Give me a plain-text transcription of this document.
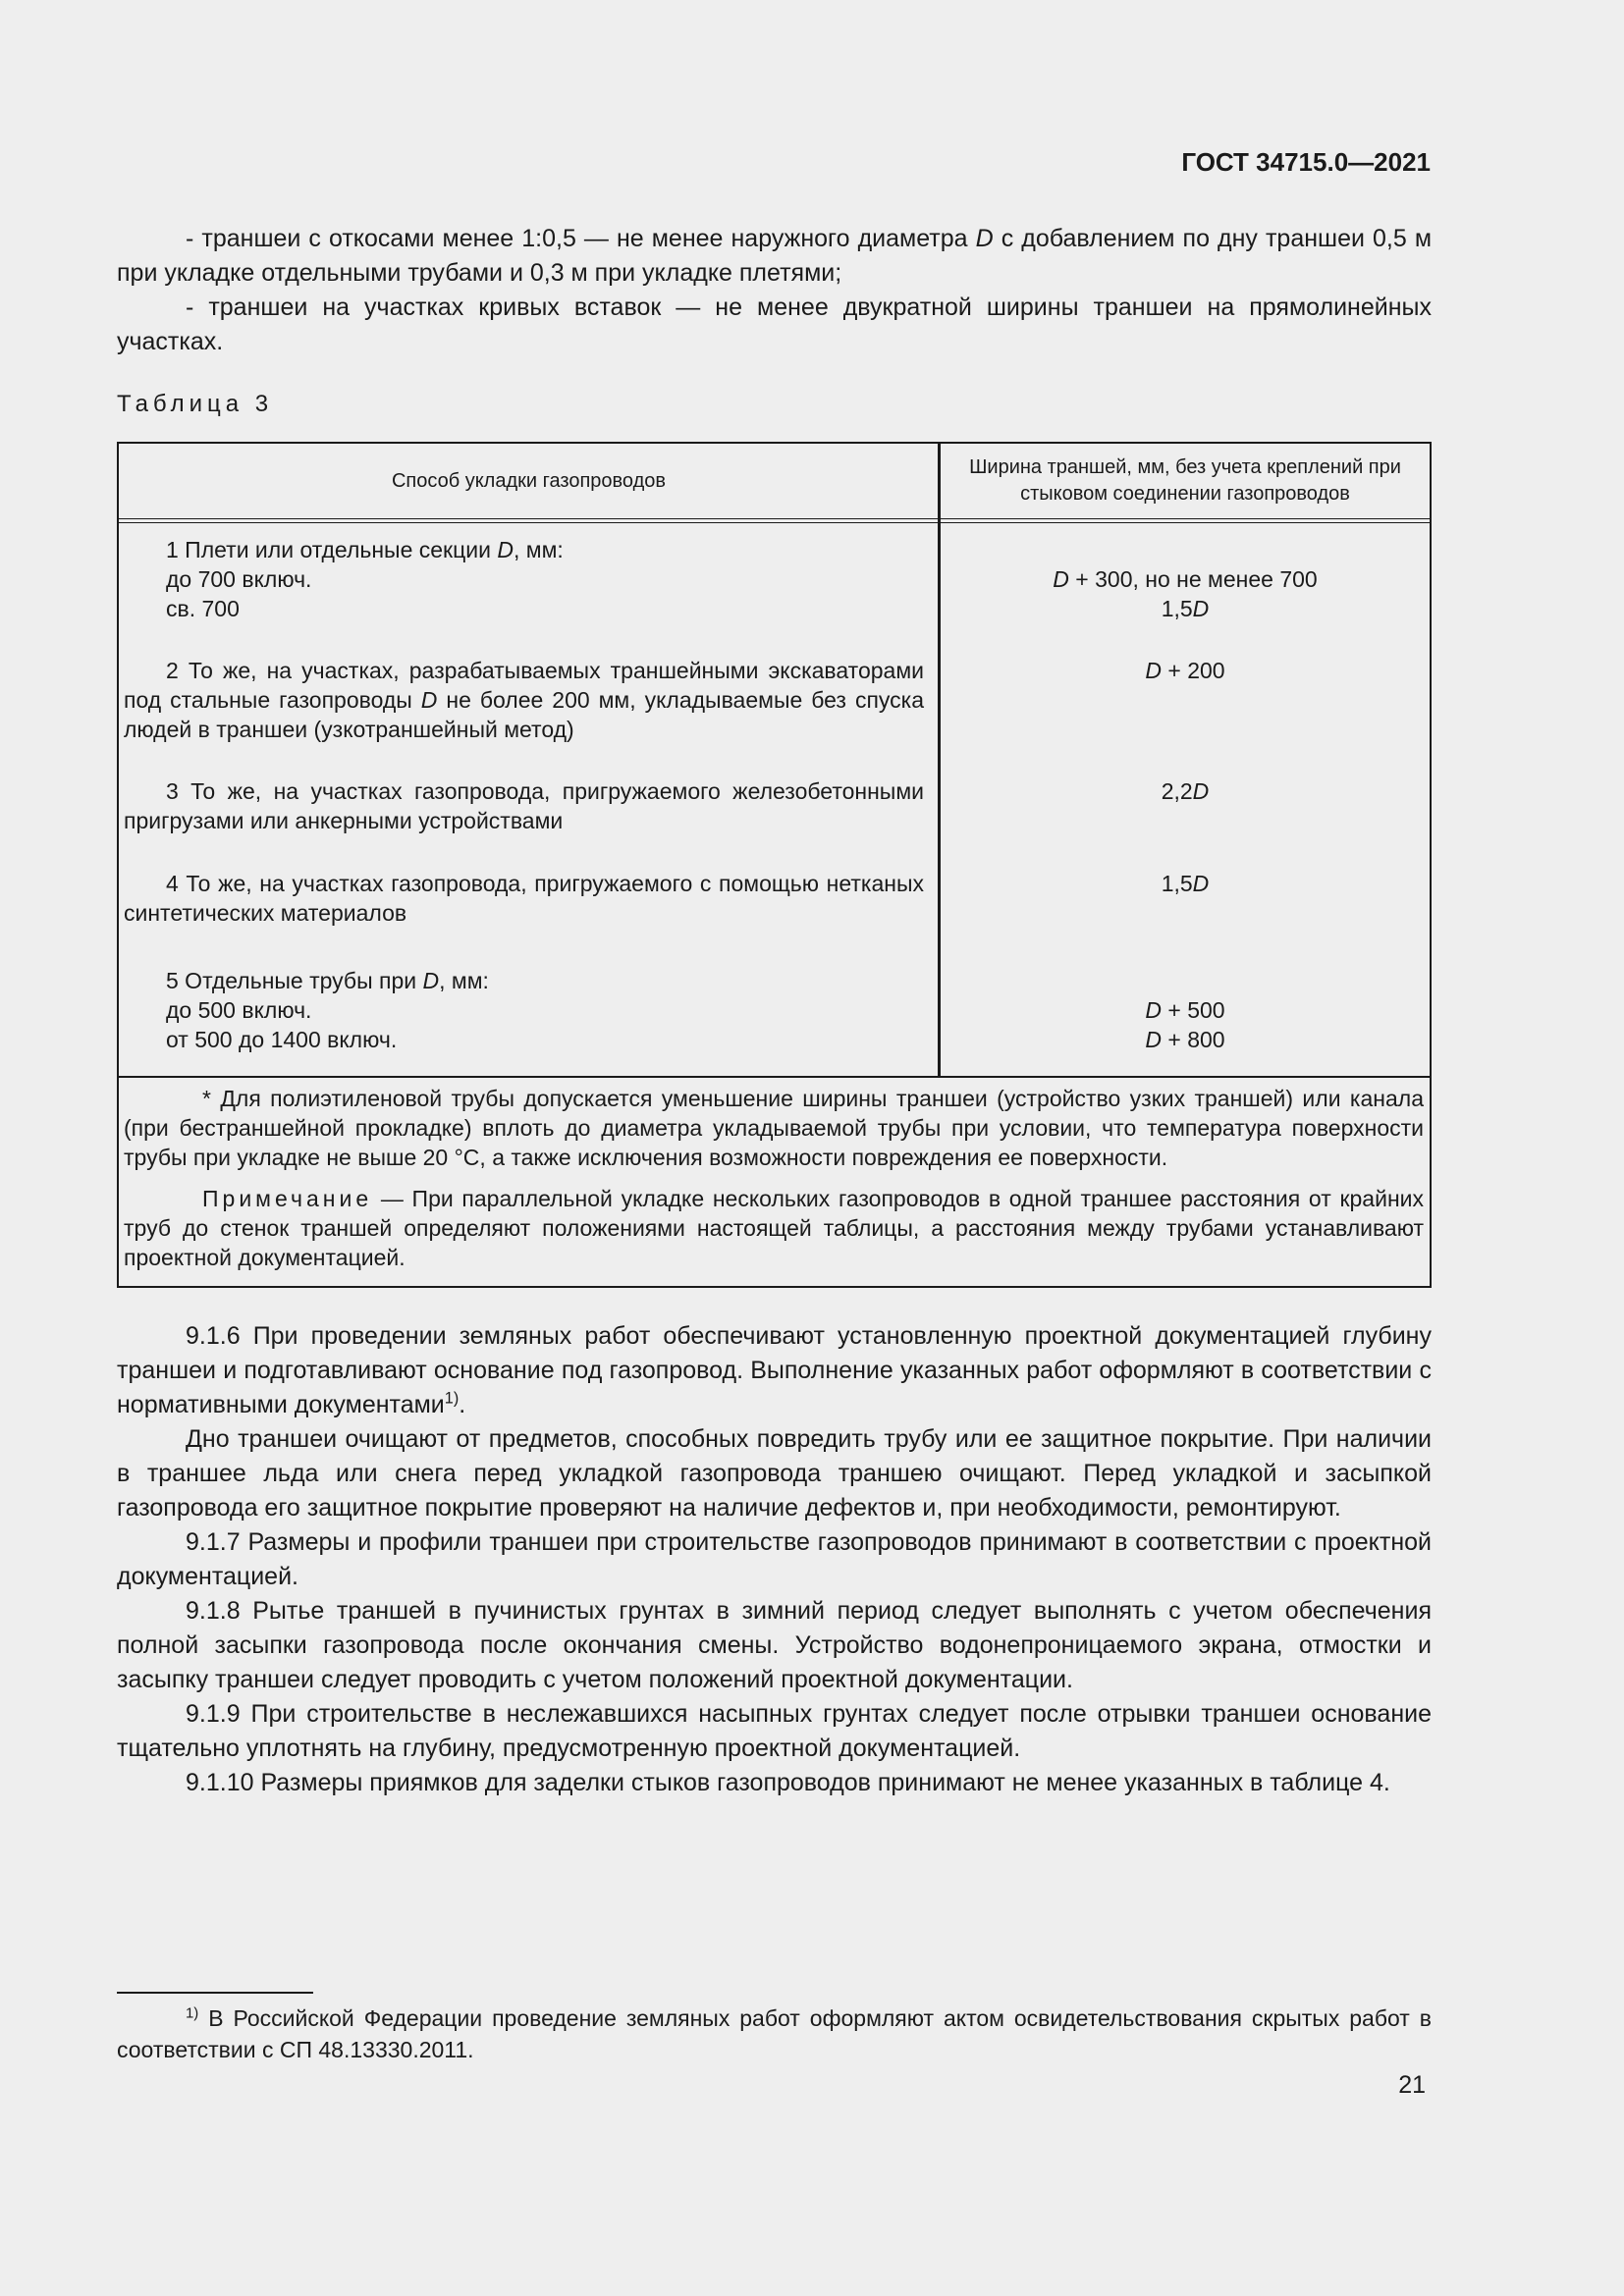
ГОСТ 34715.0—2021

- траншеи с откосами менее 1:0,5 — не менее наружного диаметра D с добавлением по дну траншеи 0,5 м при укладке отдельными трубами и 0,3 м при укладке плетями;

- траншеи на участках кривых вставок — не менее двукратной ширины траншеи на прямолинейных участках.

Таблица 3
Способ укладки газопроводов
Ширина траншей, мм, без учета креплений при стыковом соединении газопроводов
1 Плети или отдельные секции D, мм:
до 700 включ.
св. 700
D + 300, но не менее 700
1,5D
2 То же, на участках, разрабатываемых траншейными экскаваторами под стальные газопроводы D не более 200 мм, укладываемые без спуска людей в траншеи (узкотраншейный метод)
D + 200
3 То же, на участках газопровода, пригружаемого железобетонными пригрузами или анкерными устройствами
2,2D
4 То же, на участках газопровода, пригружаемого с помощью нетканых синтетических материалов
1,5D
5 Отдельные трубы при D, мм:
до 500 включ.
от 500 до 1400 включ.
D + 500
D + 800

* Для полиэтиленовой трубы допускается уменьшение ширины траншеи (устройство узких траншей) или канала (при бестраншейной прокладке) вплоть до диаметра укладываемой трубы при условии, что температура поверхности трубы при укладке не выше 20 °С, а также исключения возможности повреждения ее поверхности.

Примечание — При параллельной укладке нескольких газопроводов в одной траншее расстояния от крайних труб до стенок траншей определяют положениями настоящей таблицы, а расстояния между трубами устанавливают проектной документацией.

9.1.6 При проведении земляных работ обеспечивают установленную проектной документацией глубину траншеи и подготавливают основание под газопровод. Выполнение указанных работ оформляют в соответствии с нормативными документами$^{1)}$.

Дно траншеи очищают от предметов, способных повредить трубу или ее защитное покрытие. При наличии в траншее льда или снега перед укладкой газопровода траншею очищают. Перед укладкой и засыпкой газопровода его защитное покрытие проверяют на наличие дефектов и, при необходимости, ремонтируют.

9.1.7 Размеры и профили траншеи при строительстве газопроводов принимают в соответствии с проектной документацией.

9.1.8 Рытье траншей в пучинистых грунтах в зимний период следует выполнять с учетом обеспечения полной засыпки газопровода после окончания смены. Устройство водонепроницаемого экрана, отмостки и засыпку траншеи следует проводить с учетом положений проектной документации.

9.1.9 При строительстве в неслежавшихся насыпных грунтах следует после отрывки траншеи основание тщательно уплотнять на глубину, предусмотренную проектной документацией.

9.1.10 Размеры приямков для заделки стыков газопроводов принимают не менее указанных в таблице 4.

$^{1)}$ В Российской Федерации проведение земляных работ оформляют актом освидетельствования скрытых работ в соответствии с СП 48.13330.2011.

21
